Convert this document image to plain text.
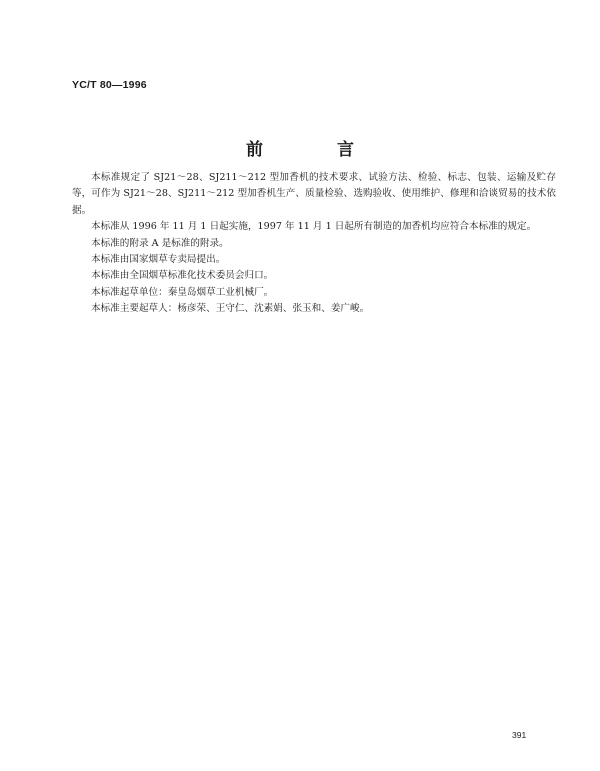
YC/T 80—1996
前 言

本标准规定了 SJ21～28、SJ211～212 型加香机的技术要求、试验方法、检验、标志、包装、运输及贮存等，可作为 SJ21～28、SJ211～212 型加香机生产、质量检验、选购验收、使用维护、修理和洽谈贸易的技术依据。

本标准从 1996 年 11 月 1 日起实施，1997 年 11 月 1 日起所有制造的加香机均应符合本标准的规定。

本标准的附录 A 是标准的附录。

本标准由国家烟草专卖局提出。

本标准由全国烟草标准化技术委员会归口。

本标准起草单位：秦皇岛烟草工业机械厂。

本标准主要起草人：杨彦荣、王守仁、沈素娟、张玉和、姜广峻。

391
